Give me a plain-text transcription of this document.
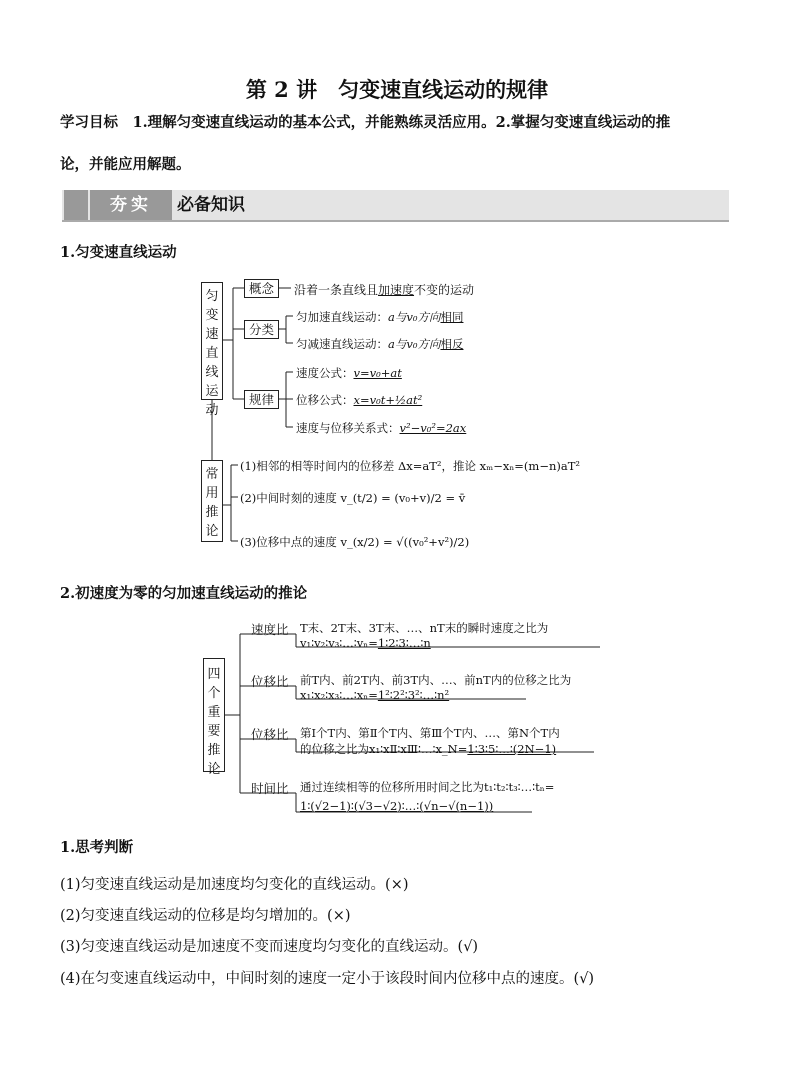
第 2 讲　匀变速直线运动的规律
学习目标　1.理解匀变速直线运动的基本公式，并能熟练灵活应用。2.掌握匀变速直线运动的推
论，并能应用解题。
夯实	必备知识
1.匀变速直线运动
匀变速直线运动
概念
分类
规律
常用推论
沿着一条直线且加速度不变的运动
匀加速直线运动：a与v₀方向相同
匀减速直线运动：a与v₀方向相反
速度公式：v=v₀+at
位移公式：x=v₀t+½at²
速度与位移关系式：v²−v₀²=2ax
(1)相邻的相等时间内的位移差 Δx=aT²，推论 xₘ−xₙ=(m−n)aT²
(2)中间时刻的速度 v_(t/2) = (v₀+v)/2 = v̄
(3)位移中点的速度 v_(x/2) = √((v₀²+v²)/2)
2.初速度为零的匀加速直线运动的推论
四个重要推论
速度比 T末、2T末、3T末、…、nT末的瞬时速度之比为
v₁∶v₂∶v₃∶…∶vₙ=1∶2∶3∶…∶n
位移比 前T内、前2T内、前3T内、…、前nT内的位移之比为
x₁∶x₂∶x₃∶…∶xₙ=1²∶2²∶3²∶…∶n²
位移比 第Ⅰ个T内、第Ⅱ个T内、第Ⅲ个T内、…、第N个T内
的位移之比为x₁∶xⅡ∶xⅢ∶…∶x_N=1∶3∶5∶…∶(2N−1)
时间比 通过连续相等的位移所用时间之比为t₁∶t₂∶t₃∶…∶tₙ=
1∶(√2−1)∶(√3−√2)∶…∶(√n−√(n−1))
1.思考判断
(1)匀变速直线运动是加速度均匀变化的直线运动。(×)
(2)匀变速直线运动的位移是均匀增加的。(×)
(3)匀变速直线运动是加速度不变而速度均匀变化的直线运动。(√)
(4)在匀变速直线运动中，中间时刻的速度一定小于该段时间内位移中点的速度。(√)
